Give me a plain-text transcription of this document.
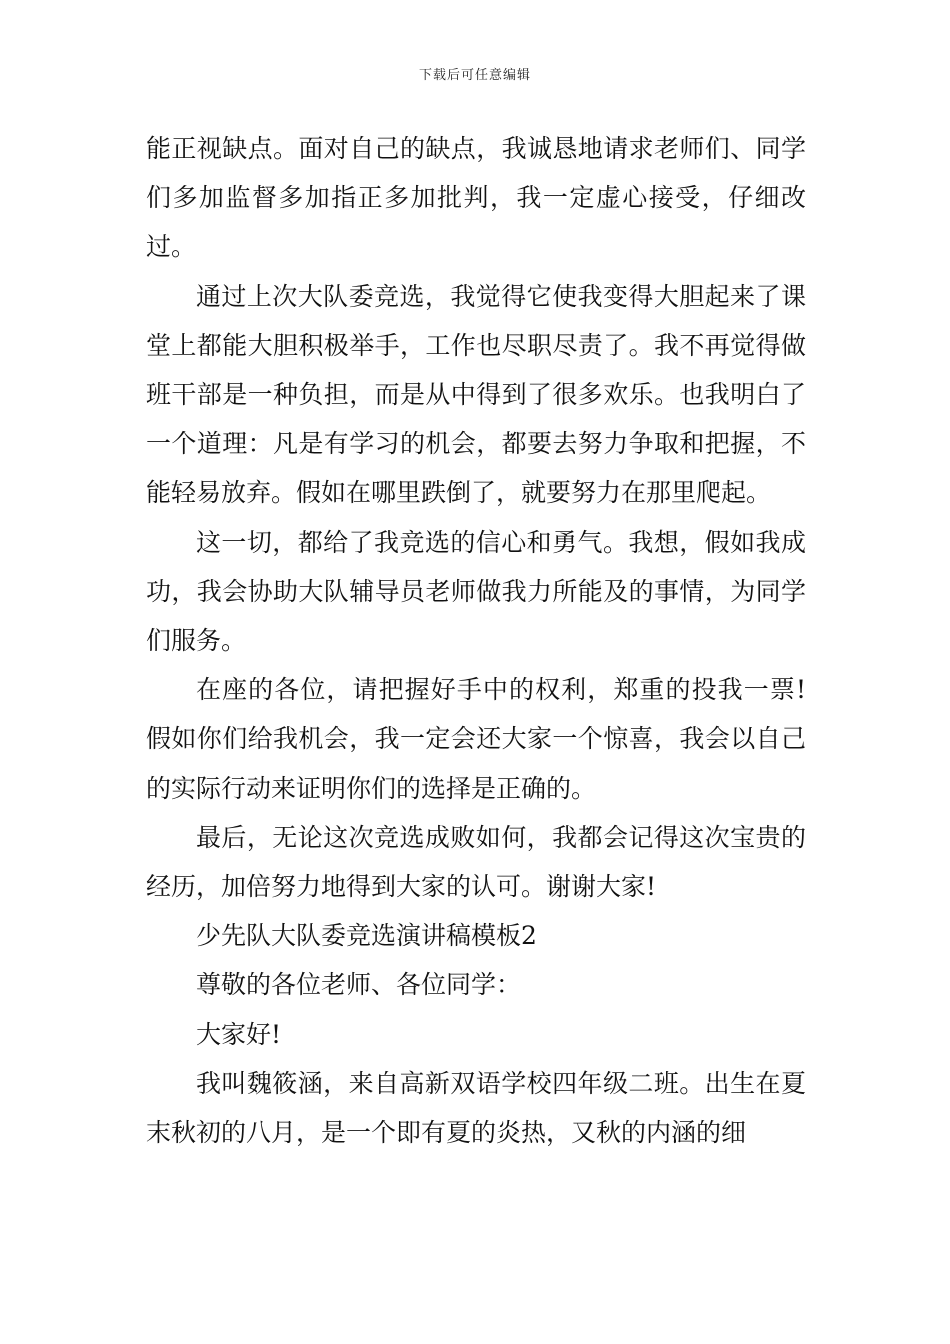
下载后可任意编辑

能正视缺点。面对自己的缺点，我诚恳地请求老师们、同学们多加监督多加指正多加批判，我一定虚心接受，仔细改过。

通过上次大队委竞选，我觉得它使我变得大胆起来了课堂上都能大胆积极举手，工作也尽职尽责了。我不再觉得做班干部是一种负担，而是从中得到了很多欢乐。也我明白了一个道理：凡是有学习的机会，都要去努力争取和把握，不能轻易放弃。假如在哪里跌倒了，就要努力在那里爬起。

这一切，都给了我竞选的信心和勇气。我想，假如我成功，我会协助大队辅导员老师做我力所能及的事情，为同学们服务。

在座的各位，请把握好手中的权利，郑重的投我一票!假如你们给我机会，我一定会还大家一个惊喜，我会以自己的实际行动来证明你们的选择是正确的。

最后，无论这次竞选成败如何，我都会记得这次宝贵的经历，加倍努力地得到大家的认可。谢谢大家!

少先队大队委竞选演讲稿模板2

尊敬的各位老师、各位同学：

大家好!

我叫魏筱涵，来自高新双语学校四年级二班。出生在夏末秋初的八月，是一个即有夏的炎热，又秋的内涵的细
